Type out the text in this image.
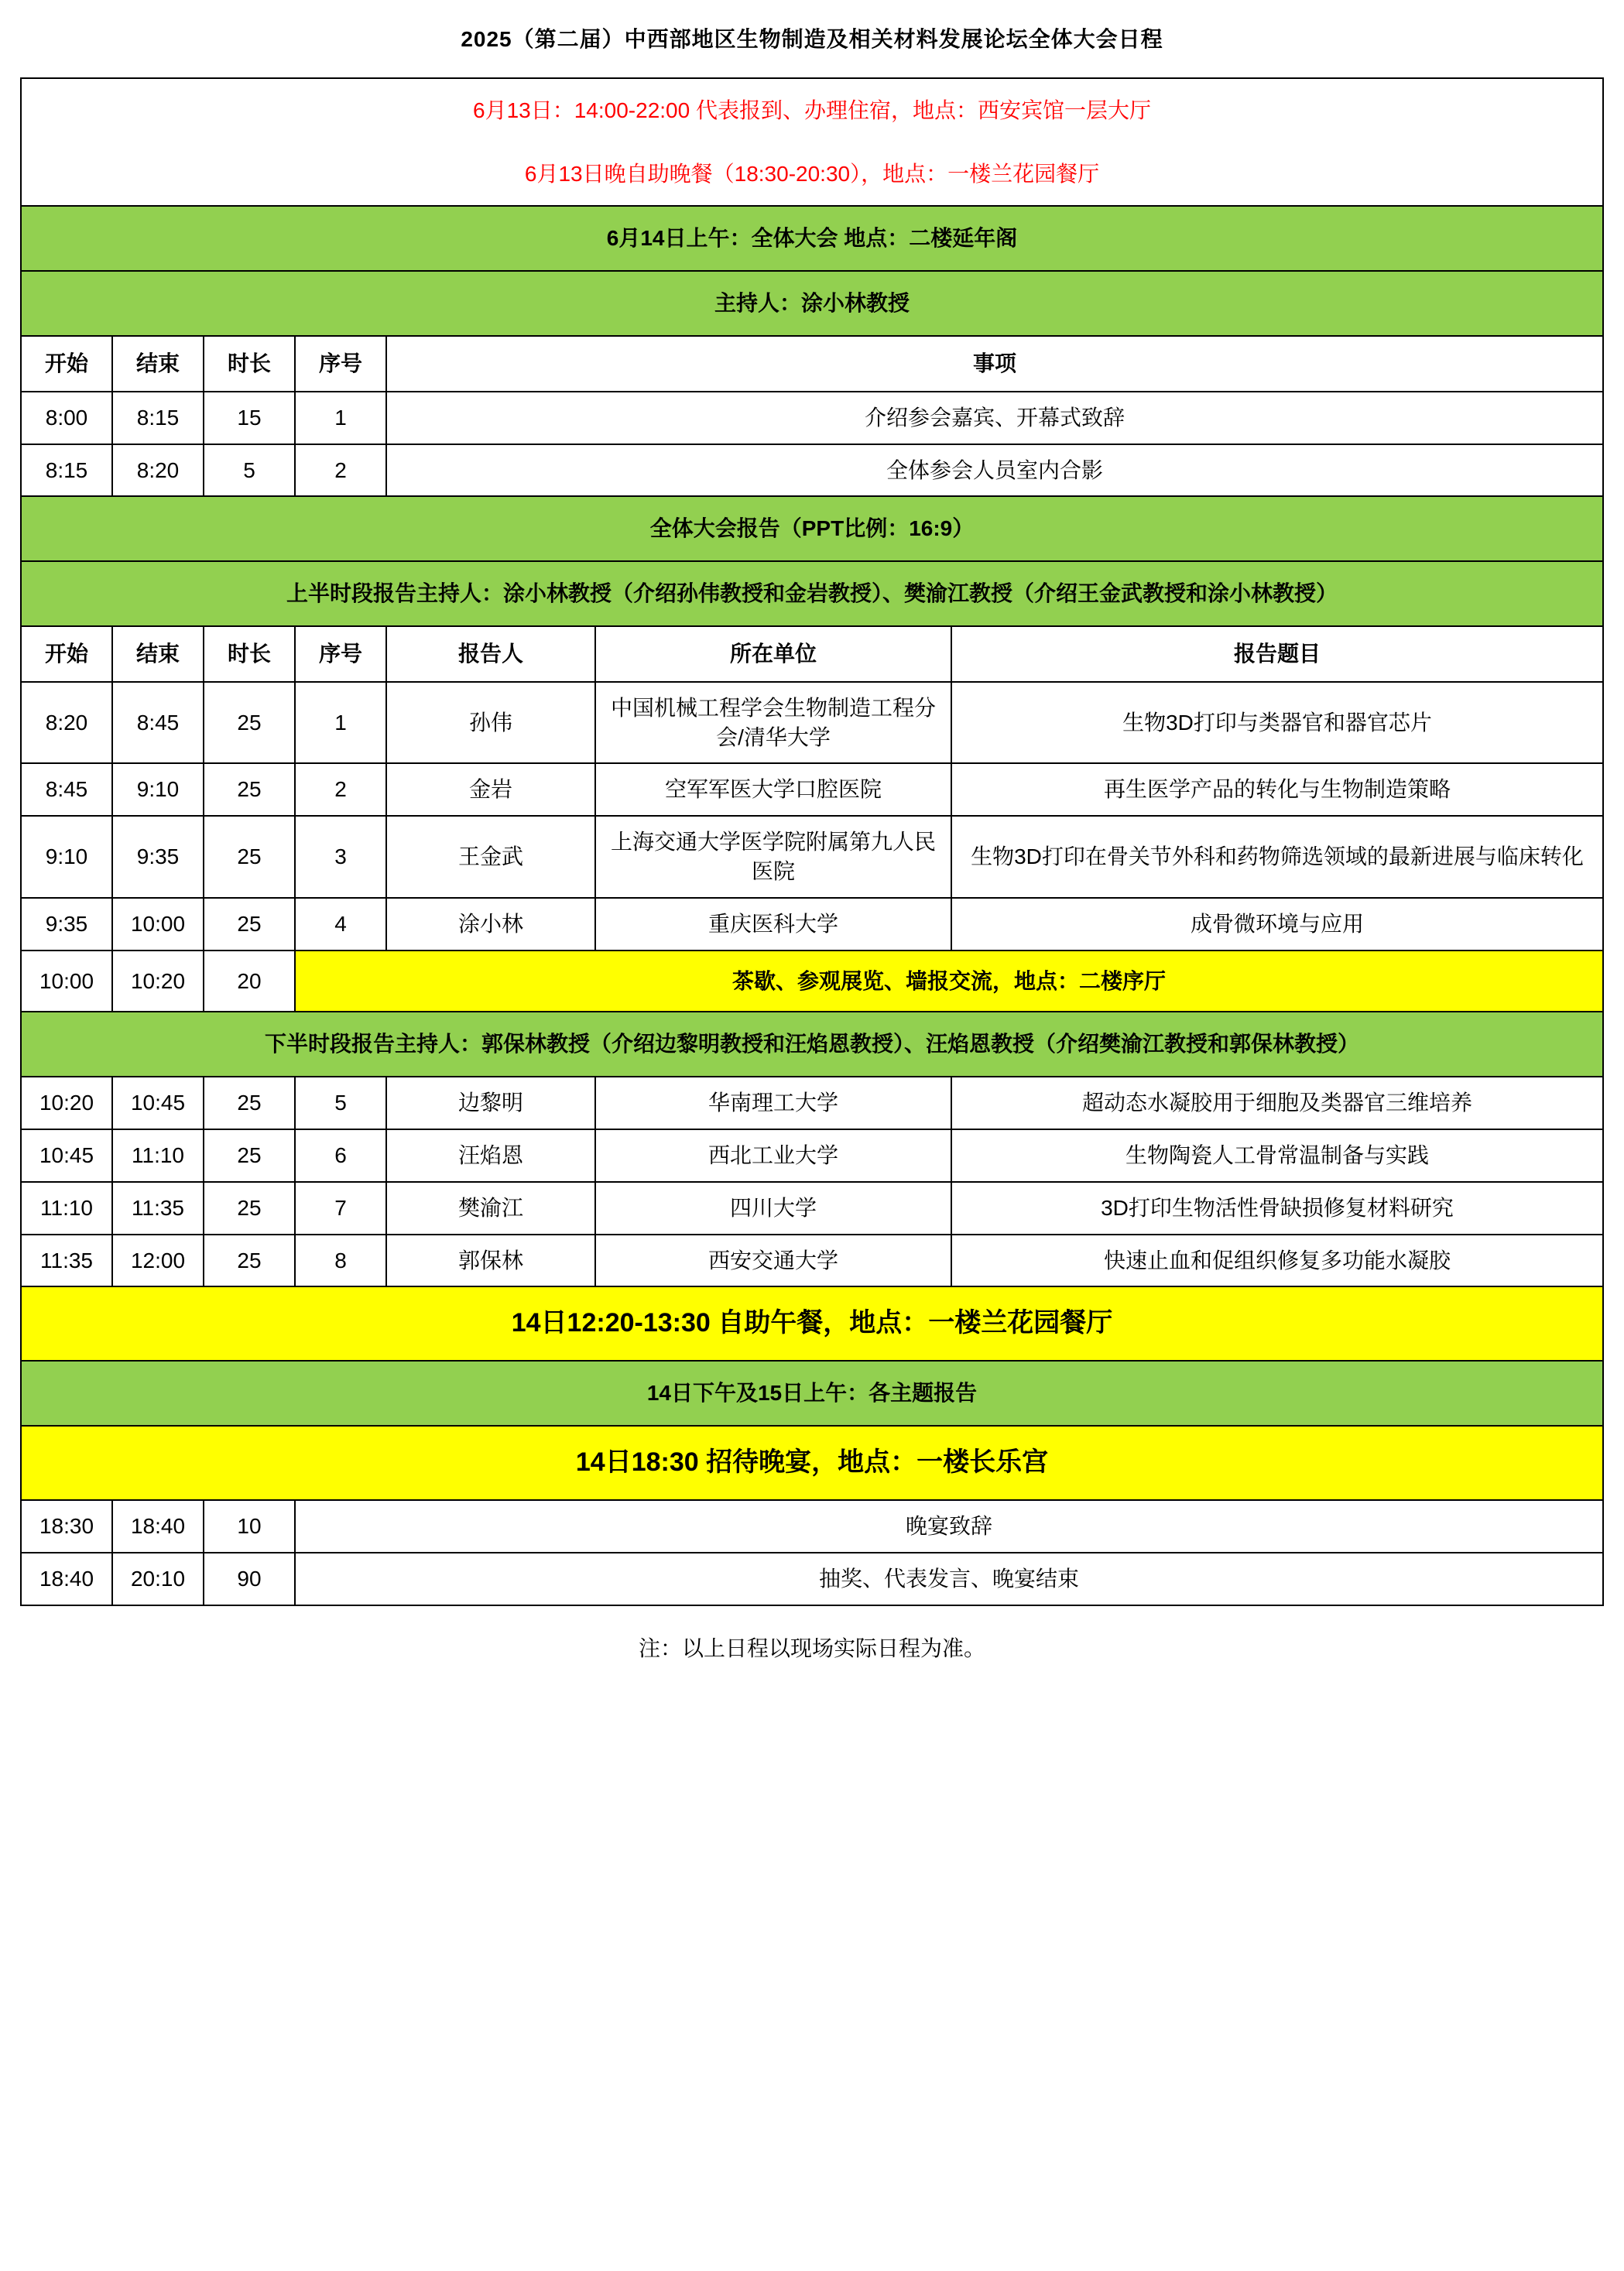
2025（第二届）中西部地区生物制造及相关材料发展论坛全体大会日程						
6月13日：14:00-22:00 代表报到、办理住宿，地点：西安宾馆一层大厅						
6月13日晚自助晚餐（18:30-20:30），地点：一楼兰花园餐厅						
6月14日上午：全体大会 地点：二楼延年阁						
主持人：涂小林教授						
开始	结束	时长	序号	事项		
8:00	8:15	15	1	介绍参会嘉宾、开幕式致辞		
8:15	8:20	5	2	全体参会人员室内合影		
全体大会报告（PPT比例：16:9）						
上半时段报告主持人：涂小林教授（介绍孙伟教授和金岩教授）、樊渝江教授（介绍王金武教授和涂小林教授）						
开始	结束	时长	序号	报告人	所在单位	报告题目
8:20	8:45	25	1	孙伟	中国机械工程学会生物制造工程分会/清华大学	生物3D打印与类器官和器官芯片
8:45	9:10	25	2	金岩	空军军医大学口腔医院	再生医学产品的转化与生物制造策略
9:10	9:35	25	3	王金武	上海交通大学医学院附属第九人民医院	生物3D打印在骨关节外科和药物筛选领域的最新进展与临床转化
9:35	10:00	25	4	涂小林	重庆医科大学	成骨微环境与应用
10:00	10:20	20	茶歇、参观展览、墙报交流，地点：二楼序厅			
下半时段报告主持人：郭保林教授（介绍边黎明教授和汪焰恩教授）、汪焰恩教授（介绍樊渝江教授和郭保林教授）						
10:20	10:45	25	5	边黎明	华南理工大学	超动态水凝胶用于细胞及类器官三维培养
10:45	11:10	25	6	汪焰恩	西北工业大学	生物陶瓷人工骨常温制备与实践
11:10	11:35	25	7	樊渝江	四川大学	3D打印生物活性骨缺损修复材料研究
11:35	12:00	25	8	郭保林	西安交通大学	快速止血和促组织修复多功能水凝胶
14日12:20-13:30 自助午餐，地点：一楼兰花园餐厅						
14日下午及15日上午：各主题报告						
14日18:30 招待晚宴，地点：一楼长乐宫						
18:30	18:40	10	晚宴致辞			
18:40	20:10	90	抽奖、代表发言、晚宴结束			
注：以上日程以现场实际日程为准。						
